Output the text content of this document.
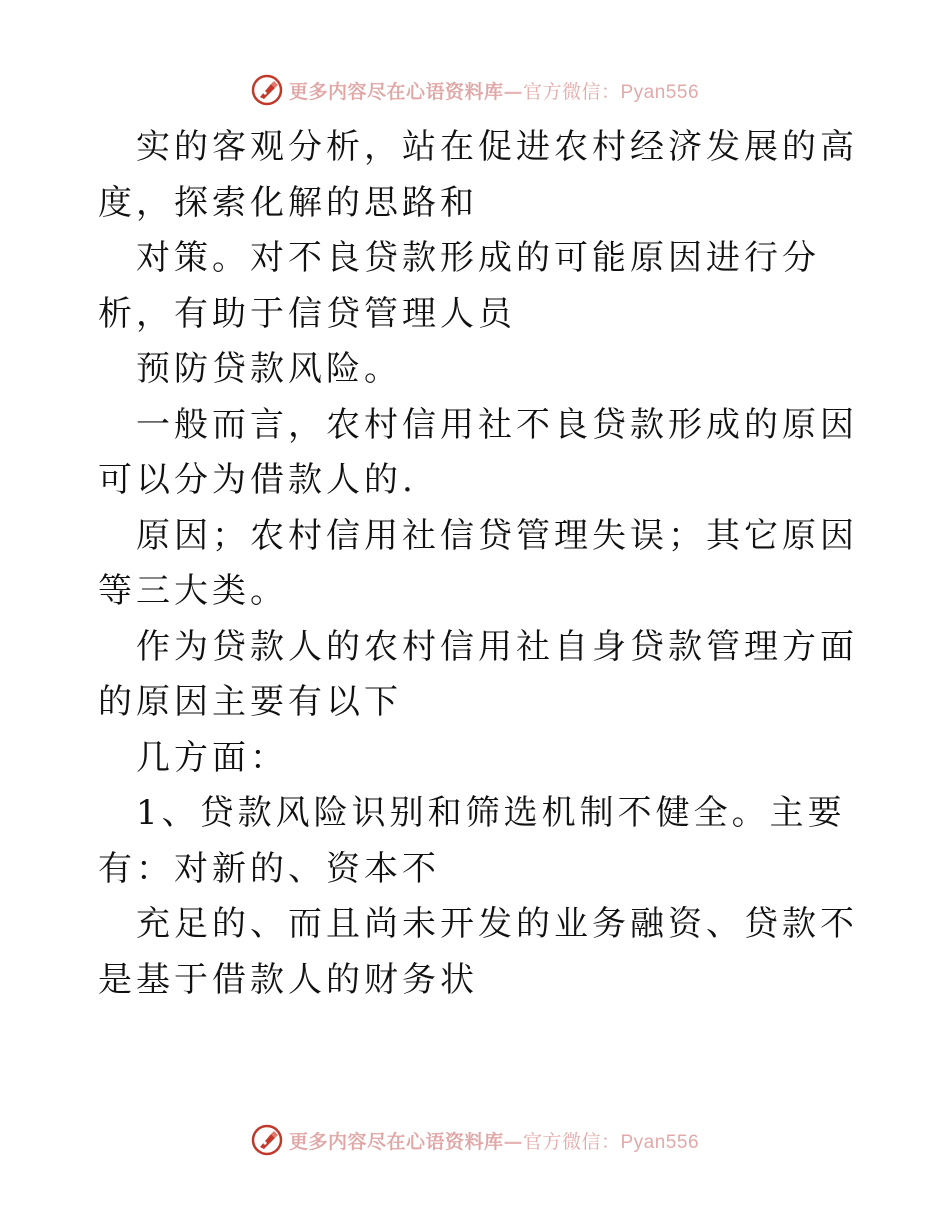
更多内容尽在心语资料库—官方微信：Pyan556

实的客观分析，站在促进农村经济发展的高度，探索化解的思路和

对策。对不良贷款形成的可能原因进行分析，有助于信贷管理人员

预防贷款风险。

一般而言，农村信用社不良贷款形成的原因可以分为借款人的.

原因；农村信用社信贷管理失误；其它原因等三大类。

作为贷款人的农村信用社自身贷款管理方面的原因主要有以下

几方面：

1、贷款风险识别和筛选机制不健全。主要有：对新的、资本不

充足的、而且尚未开发的业务融资、贷款不是基于借款人的财务状

更多内容尽在心语资料库—官方微信：Pyan556
